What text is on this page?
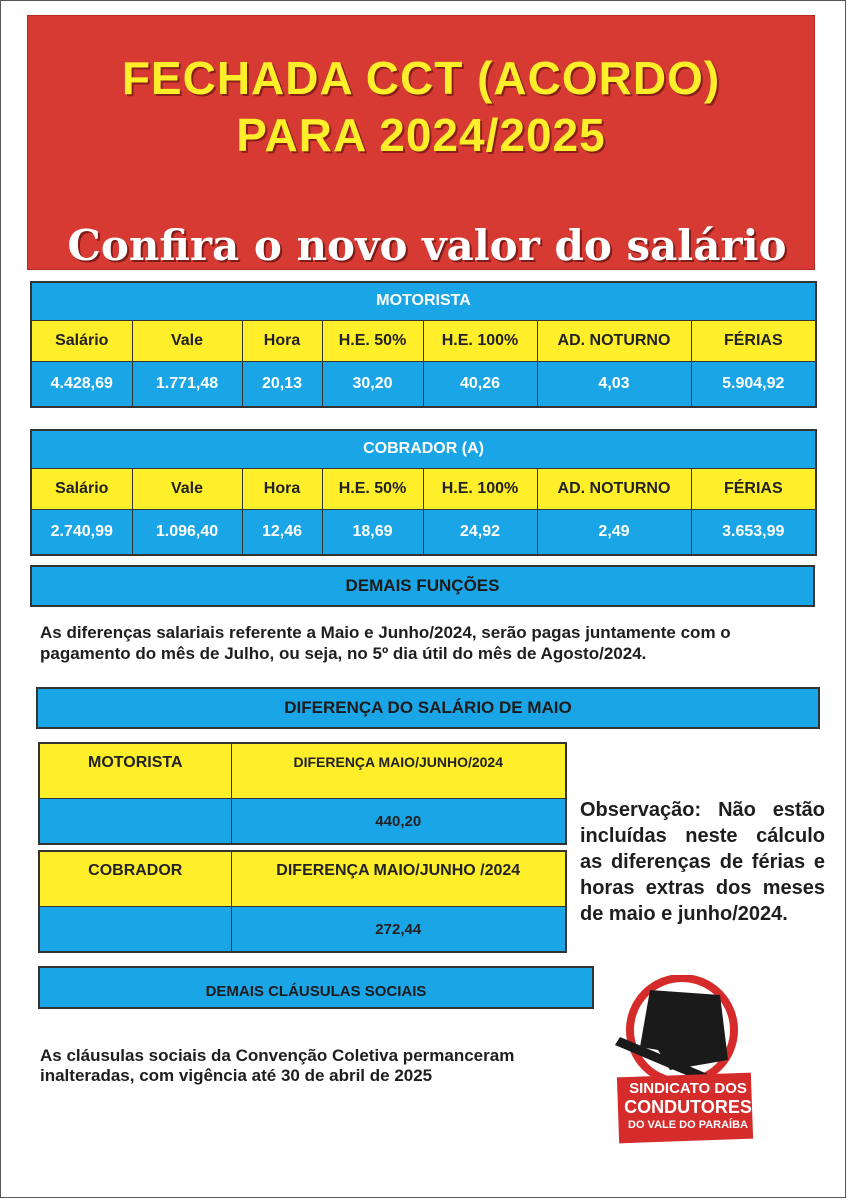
FECHADA CCT (ACORDO)
PARA 2024/2025
Confira o novo valor do salário
MOTORISTA						
Salário	Vale	Hora	H.E. 50%	H.E. 100%	AD. NOTURNO	FÉRIAS
4.428,69	1.771,48	20,13	30,20	40,26	4,03	5.904,92
COBRADOR (A)						
Salário	Vale	Hora	H.E. 50%	H.E. 100%	AD. NOTURNO	FÉRIAS
2.740,99	1.096,40	12,46	18,69	24,92	2,49	3.653,99
DEMAIS FUNÇÕES
As diferenças salariais referente a Maio e Junho/2024, serão pagas juntamente com o pagamento do mês de Julho, ou seja, no 5º dia útil do mês de Agosto/2024.
DIFERENÇA DO SALÁRIO DE MAIO
MOTORISTA	DIFERENÇA MAIO/JUNHO/2024
	440,20
COBRADOR	DIFERENÇA MAIO/JUNHO /2024
	272,44
Observação: Não estão incluídas neste cálculo as diferenças de férias e horas extras dos meses de maio e junho/2024.
DEMAIS CLÁUSULAS SOCIAIS
As cláusulas sociais da Convenção Coletiva permanceram inalteradas, com vigência até 30 de abril de 2025
SINDICATO DOS
CONDUTORES
DO VALE DO PARAÍBA
